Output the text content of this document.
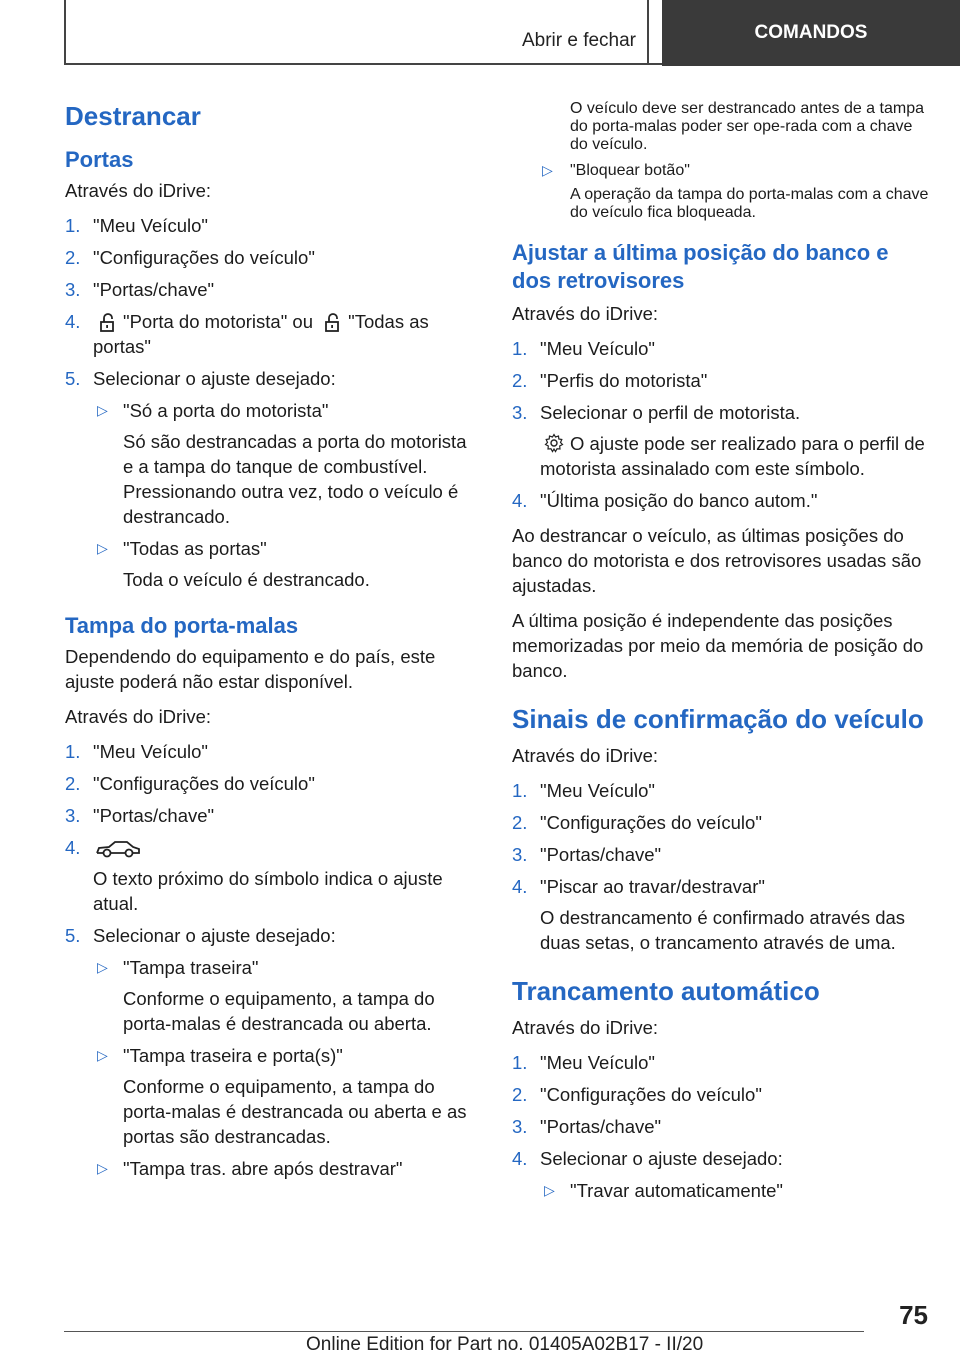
Abrir e fechar	COMANDOS
Destrancar
Portas

Através do iDrive:

1. "Meu Veículo"
2. "Configurações do veículo"
3. "Portas/chave"
4. "Porta do motorista" ou "Todas as portas"
5. Selecionar o ajuste desejado:
▷ "Só a porta do motorista"
Só são destrancadas a porta do motorista e a tampa do tanque de combustível. Pressionando outra vez, todo o veículo é destrancado.
▷ "Todas as portas"
Toda o veículo é destrancado.
Tampa do porta-malas

Dependendo do equipamento e do país, este ajuste poderá não estar disponível.

Através do iDrive:

1. "Meu Veículo"
2. "Configurações do veículo"
3. "Portas/chave"
4.
O texto próximo do símbolo indica o ajuste atual.
5. Selecionar o ajuste desejado:
▷ "Tampa traseira"
Conforme o equipamento, a tampa do porta-malas é destrancada ou aberta.
▷ "Tampa traseira e porta(s)"
Conforme o equipamento, a tampa do porta-malas é destrancada ou aberta e as portas são destrancadas.
▷ "Tampa tras. abre após destravar"
O veículo deve ser destrancado antes de a tampa do porta-malas poder ser ope-rada com a chave do veículo.
▷ "Bloquear botão"
A operação da tampa do porta-malas com a chave do veículo fica bloqueada.
Ajustar a última posição do banco e dos retrovisores

Através do iDrive:

1. "Meu Veículo"
2. "Perfis do motorista"
3. Selecionar o perfil de motorista.
O ajuste pode ser realizado para o perfil de motorista assinalado com este símbolo.
4. "Última posição do banco autom."

Ao destrancar o veículo, as últimas posições do banco do motorista e dos retrovisores usadas são ajustadas.

A última posição é independente das posições memorizadas por meio da memória de posição do banco.

Sinais de confirmação do veículo

Através do iDrive:

1. "Meu Veículo"
2. "Configurações do veículo"
3. "Portas/chave"
4. "Piscar ao travar/destravar"
O destrancamento é confirmado através das duas setas, o trancamento através de uma.
Trancamento automático

Através do iDrive:

1. "Meu Veículo"
2. "Configurações do veículo"
3. "Portas/chave"
4. Selecionar o ajuste desejado:
▷ "Travar automaticamente"
75
Online Edition for Part no. 01405A02B17 - II/20
